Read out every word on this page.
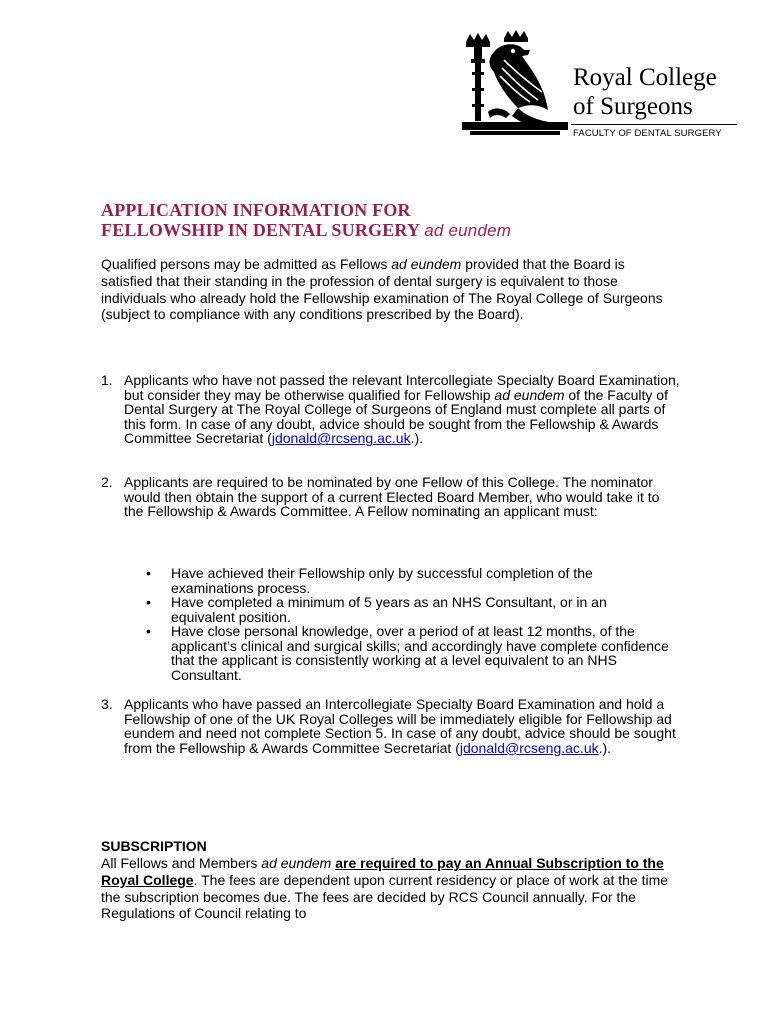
Royal College
of Surgeons
FACULTY OF DENTAL SURGERY
APPLICATION INFORMATION FOR
FELLOWSHIP IN DENTAL SURGERY ad eundem

Qualified persons may be admitted as Fellows ad eundem provided that the Board is satisfied that their standing in the profession of dental surgery is equivalent to those individuals who already hold the Fellowship examination of The Royal College of Surgeons (subject to compliance with any conditions prescribed by the Board).

1. Applicants who have not passed the relevant Intercollegiate Specialty Board Examination, but consider they may be otherwise qualified for Fellowship ad eundem of the Faculty of Dental Surgery at The Royal College of Surgeons of England must complete all parts of this form. In case of any doubt, advice should be sought from the Fellowship & Awards Committee Secretariat (jdonald@rcseng.ac.uk.).

2. Applicants are required to be nominated by one Fellow of this College. The nominator would then obtain the support of a current Elected Board Member, who would take it to the Fellowship & Awards Committee. A Fellow nominating an applicant must:

• Have achieved their Fellowship only by successful completion of the examinations process.

• Have completed a minimum of 5 years as an NHS Consultant, or in an equivalent position.

• Have close personal knowledge, over a period of at least 12 months, of the applicant’s clinical and surgical skills; and accordingly have complete confidence that the applicant is consistently working at a level equivalent to an NHS Consultant.

3. Applicants who have passed an Intercollegiate Specialty Board Examination and hold a Fellowship of one of the UK Royal Colleges will be immediately eligible for Fellowship ad eundem and need not complete Section 5. In case of any doubt, advice should be sought from the Fellowship & Awards Committee Secretariat (jdonald@rcseng.ac.uk.).

SUBSCRIPTION

All Fellows and Members ad eundem are required to pay an Annual Subscription to the Royal College. The fees are dependent upon current residency or place of work at the time the subscription becomes due. The fees are decided by RCS Council annually. For the Regulations of Council relating to
